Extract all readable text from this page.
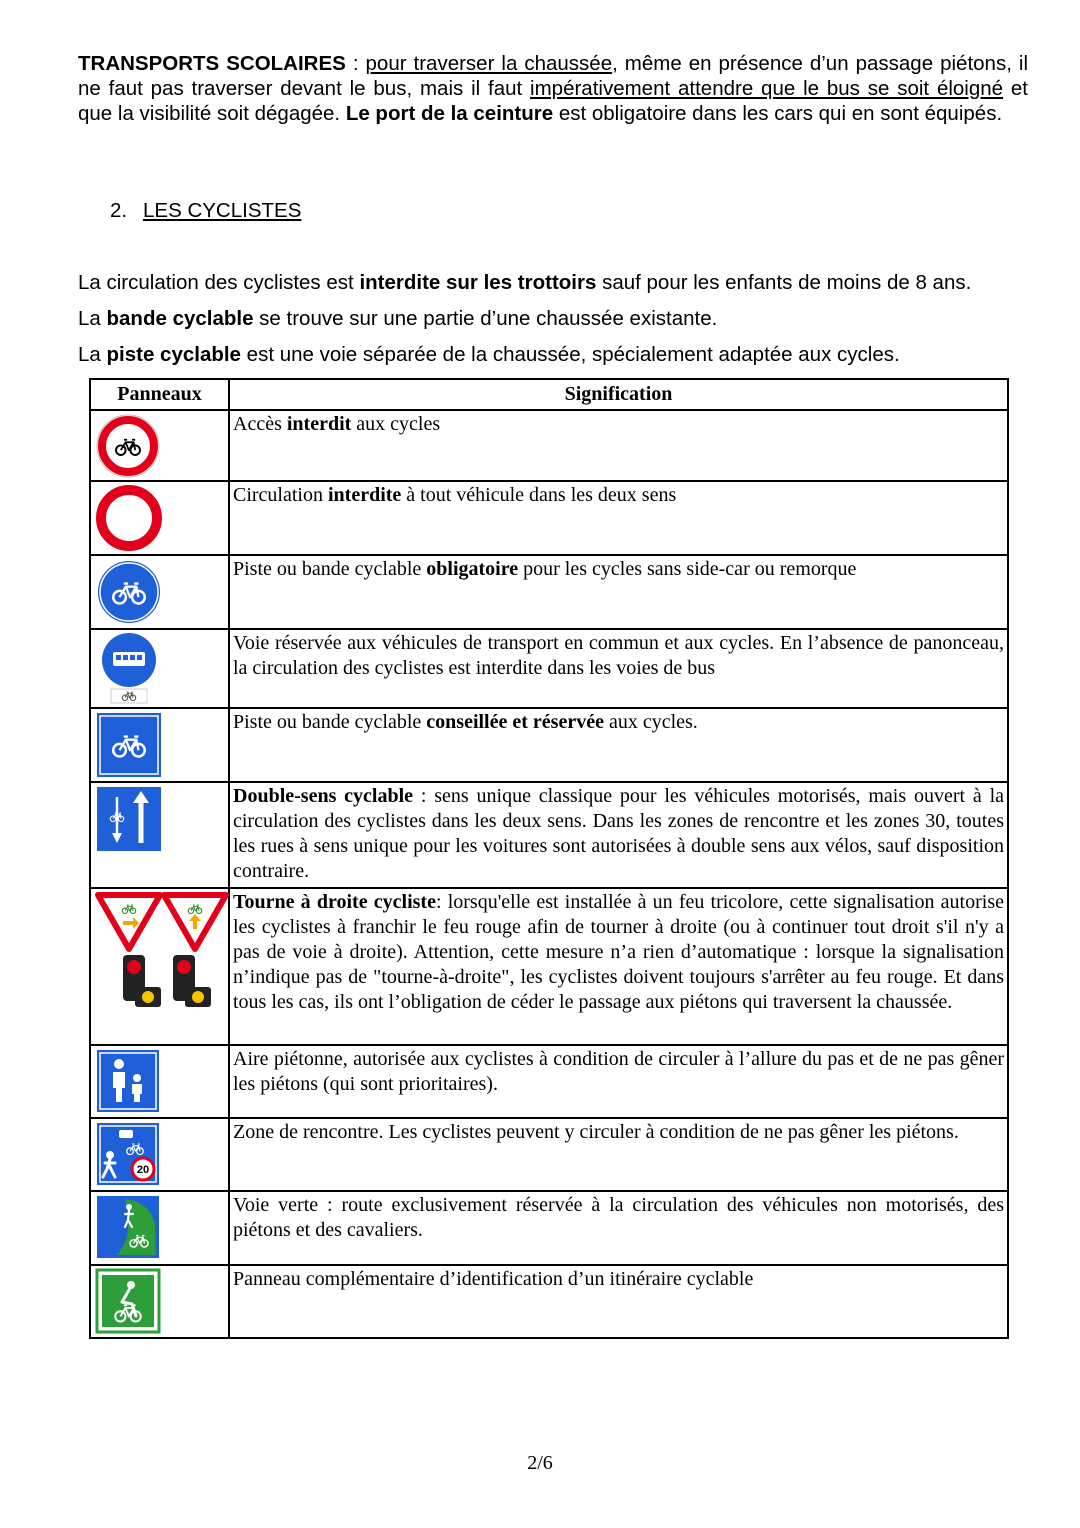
TRANSPORTS SCOLAIRES : pour traverser la chaussée, même en présence d’un passage piétons, il ne faut pas traverser devant le bus, mais il faut impérativement attendre que le bus se soit éloigné et que la visibilité soit dégagée. Le port de la ceinture est obligatoire dans les cars qui en sont équipés.
2. LES CYCLISTES
La circulation des cyclistes est interdite sur les trottoirs sauf pour les enfants de moins de 8 ans.
La bande cyclable se trouve sur une partie d’une chaussée existante.
La piste cyclable est une voie séparée de la chaussée, spécialement adaptée aux cycles.
Panneaux	Signification

	Accès interdit aux cycles

	Circulation interdite à tout véhicule dans les deux sens

	Piste ou bande cyclable obligatoire pour les cycles sans side-car ou remorque

	Voie réservée aux véhicules de transport en commun et aux cycles. En l’absence de panonceau, la circulation des cyclistes est interdite dans les voies de bus

	Piste ou bande cyclable conseillée et réservée aux cycles.

	Double-sens cyclable : sens unique classique pour les véhicules motorisés, mais ouvert à la circulation des cyclistes dans les deux sens. Dans les zones de rencontre et les zones 30, toutes les rues à sens unique pour les voitures sont autorisées à double sens aux vélos, sauf disposition contraire.

	Tourne à droite cycliste: lorsqu'elle est installée à un feu tricolore, cette signalisation autorise les cyclistes à franchir le feu rouge afin de tourner à droite (ou à continuer tout droit s'il n'y a pas de voie à droite). Attention, cette mesure n’a rien d’automatique : lorsque la signalisation n’indique pas de "tourne-à-droite", les cyclistes doivent toujours s'arrêter au feu rouge. Et dans tous les cas, ils ont l’obligation de céder le passage aux piétons qui traversent la chaussée.

	Aire piétonne, autorisée aux cyclistes à condition de circuler à l’allure du pas et de ne pas gêner les piétons (qui sont prioritaires).

20	Zone de rencontre. Les cyclistes peuvent y circuler à condition de ne pas gêner les piétons.

	Voie verte : route exclusivement réservée à la circulation des véhicules non motorisés, des piétons et des cavaliers.

	Panneau complémentaire d’identification d’un itinéraire cyclable
2/6
